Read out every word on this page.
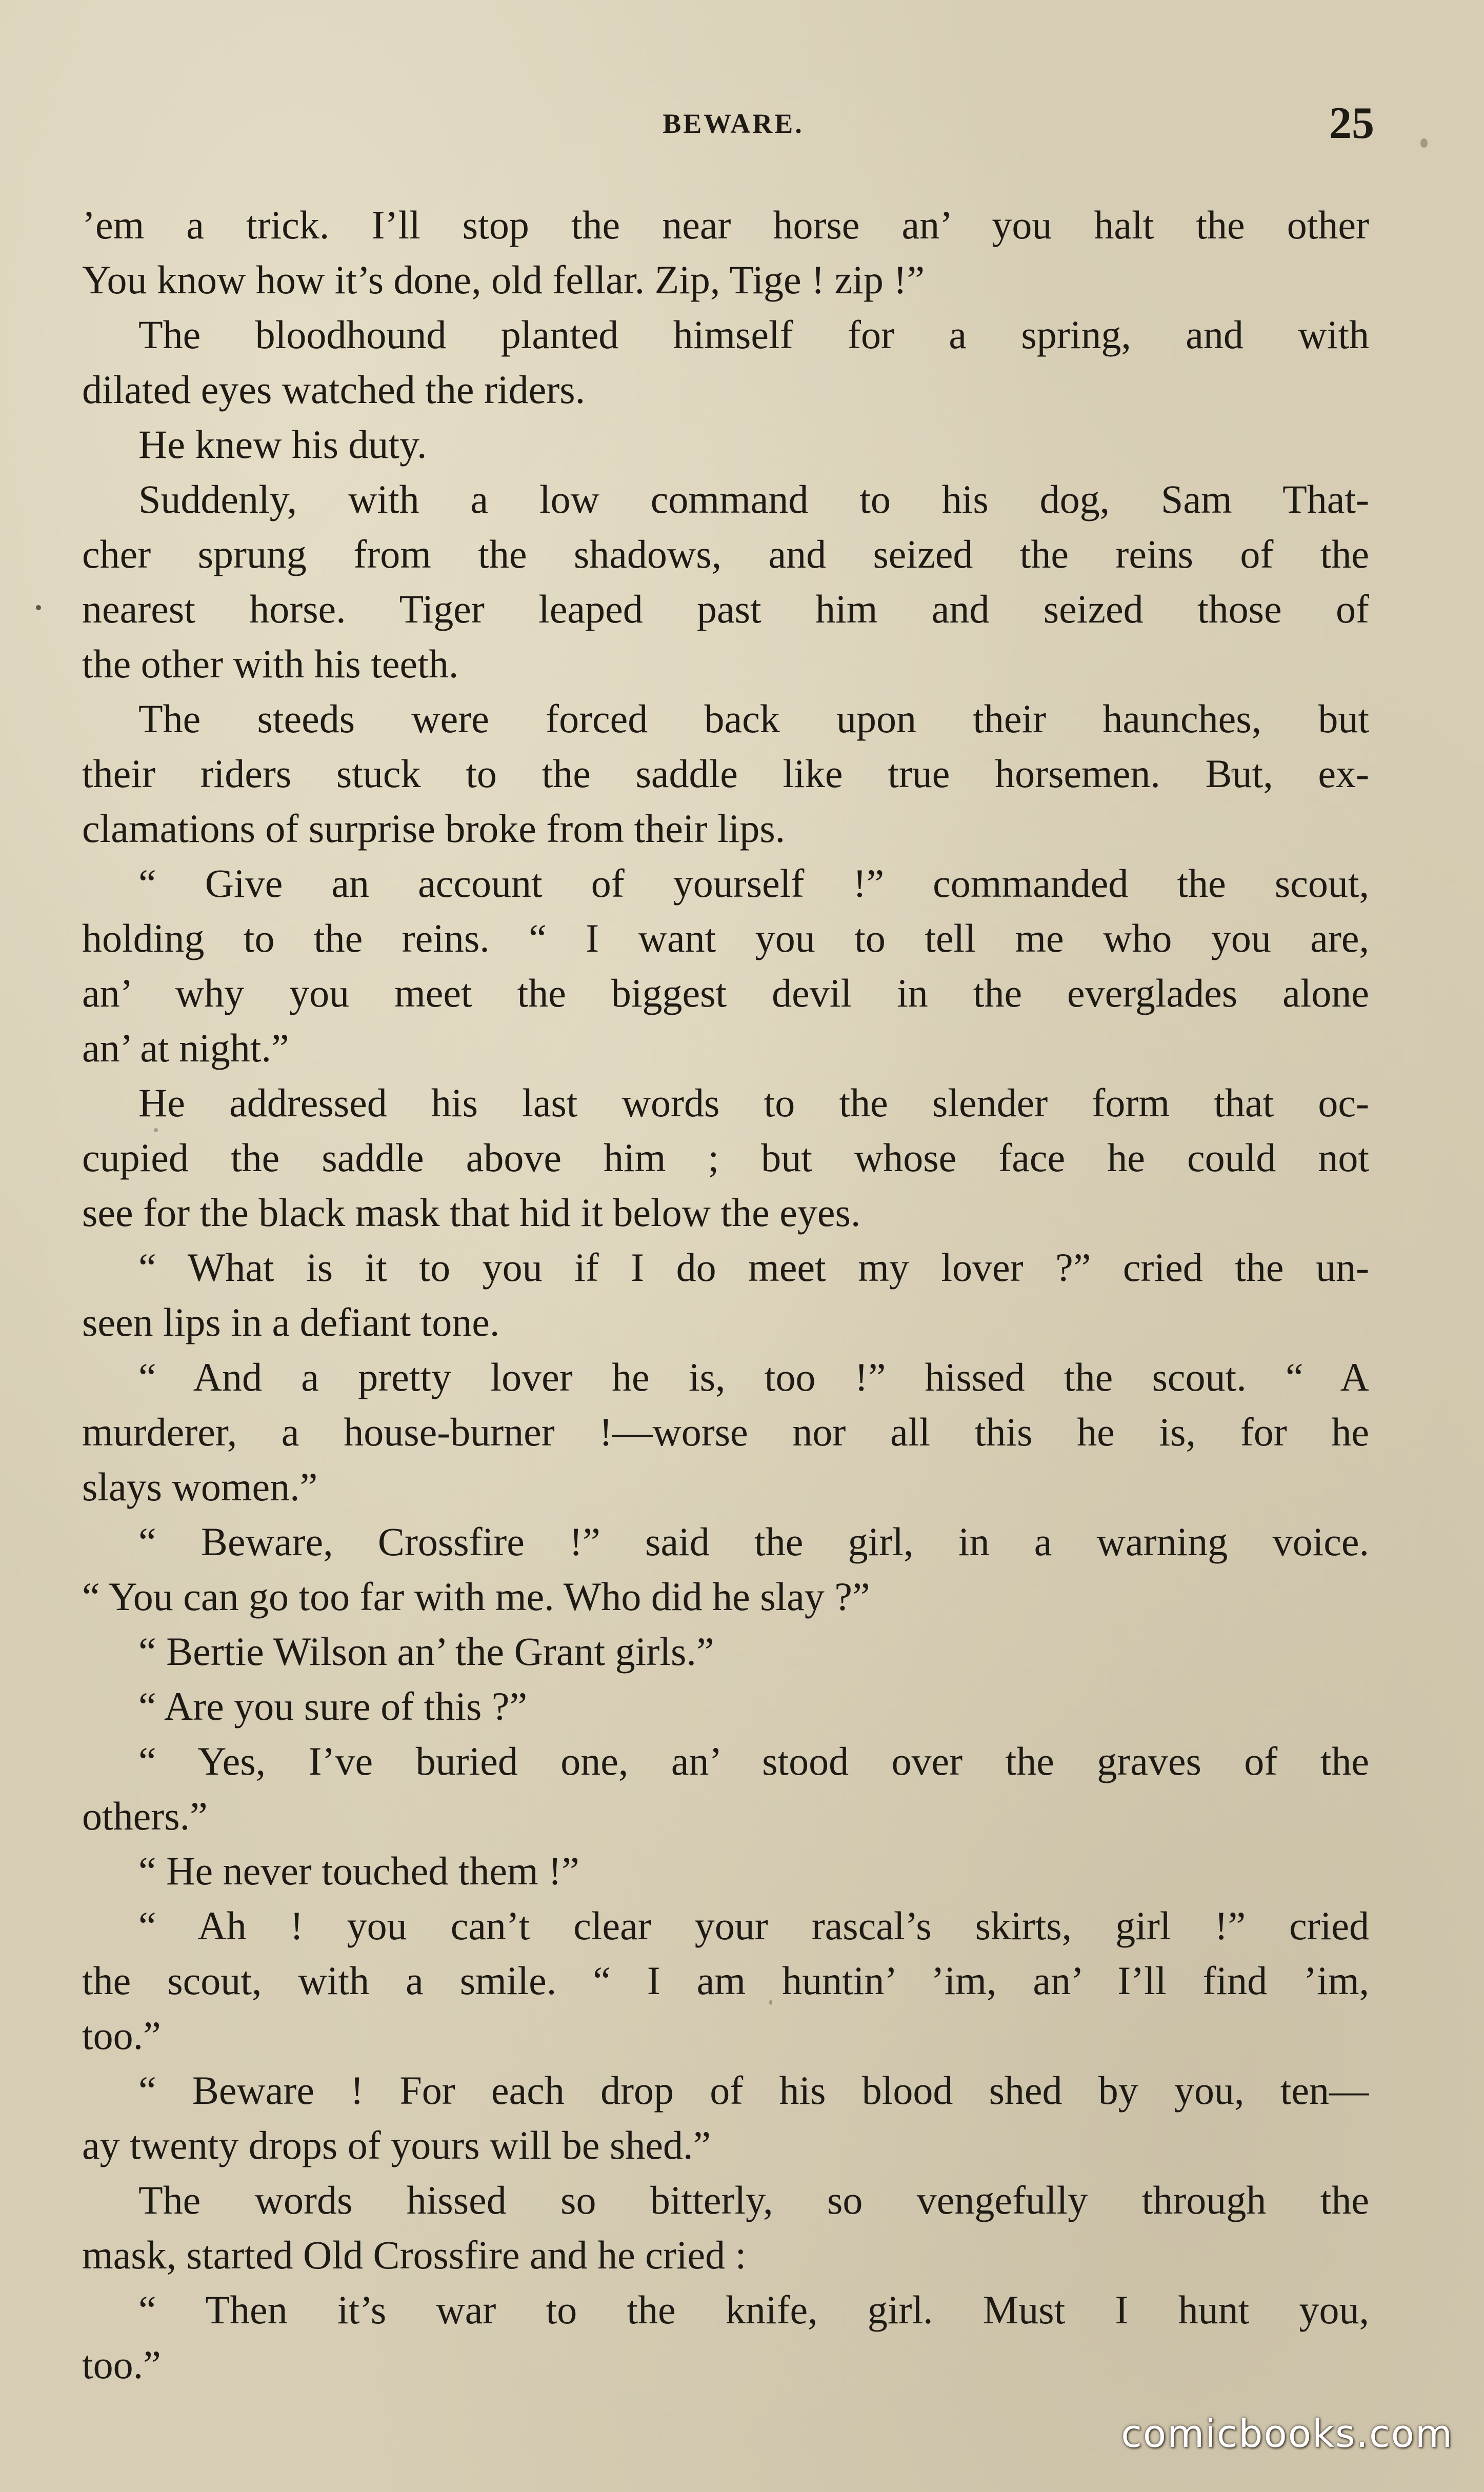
BEWARE.	25
’em a trick. I’ll stop the near horse an’ you halt the other
You know how it’s done, old fellar. Zip, Tige ! zip !”
The bloodhound planted himself for a spring, and with
dilated eyes watched the riders.
He knew his duty.
Suddenly, with a low command to his dog, Sam That-
cher sprung from the shadows, and seized the reins of the
nearest horse. Tiger leaped past him and seized those of
the other with his teeth.
The steeds were forced back upon their haunches, but
their riders stuck to the saddle like true horsemen. But, ex-
clamations of surprise broke from their lips.
“ Give an account of yourself !” commanded the scout,
holding to the reins. “ I want you to tell me who you are,
an’ why you meet the biggest devil in the everglades alone
an’ at night.”
He addressed his last words to the slender form that oc-
cupied the saddle above him ; but whose face he could not
see for the black mask that hid it below the eyes.
“ What is it to you if I do meet my lover ?” cried the un-
seen lips in a defiant tone.
“ And a pretty lover he is, too !” hissed the scout. “ A
murderer, a house-burner !—worse nor all this he is, for he
slays women.”
“ Beware, Crossfire !” said the girl, in a warning voice.
“ You can go too far with me. Who did he slay ?”
“ Bertie Wilson an’ the Grant girls.”
“ Are you sure of this ?”
“ Yes, I’ve buried one, an’ stood over the graves of the
others.”
“ He never touched them !”
“ Ah ! you can’t clear your rascal’s skirts, girl !” cried
the scout, with a smile. “ I am huntin’ ’im, an’ I’ll find ’im,
too.”
“ Beware ! For each drop of his blood shed by you, ten—
ay twenty drops of yours will be shed.”
The words hissed so bitterly, so vengefully through the
mask, started Old Crossfire and he cried :
“ Then it’s war to the knife, girl. Must I hunt you,
too.”
comicbooks.com
